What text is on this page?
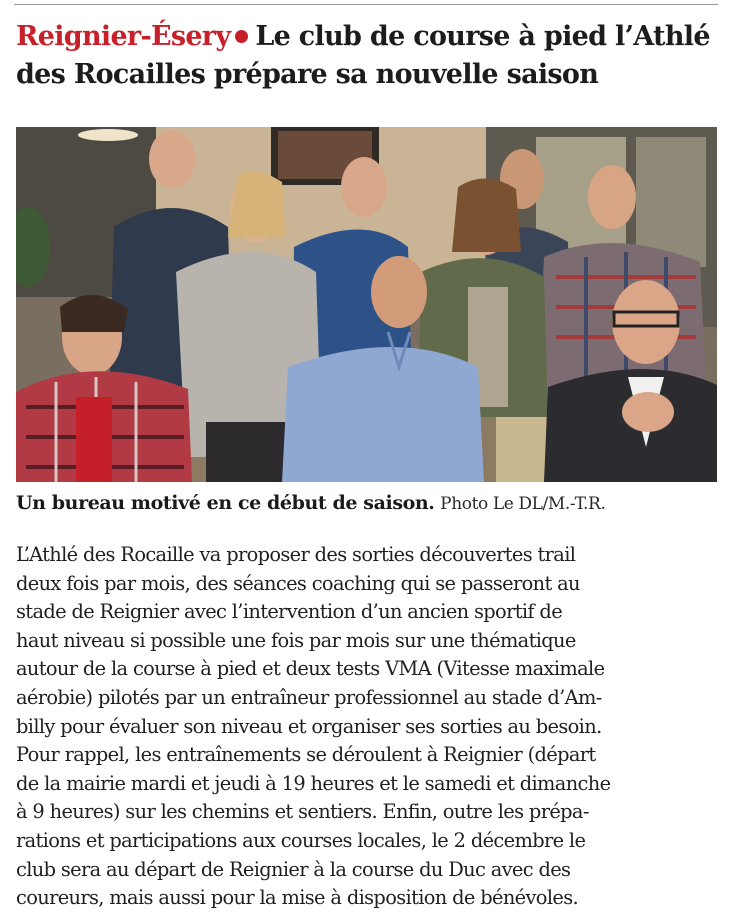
Reignier-Ésery Le club de course à pied l’Athlé
des Rocailles prépare sa nouvelle saison

Un bureau motivé en ce début de saison. Photo Le DL/M.-T.R.

L’Athlé des Rocaille va proposer des sorties découvertes trail
deux fois par mois, des séances coaching qui se passeront au
stade de Reignier avec l’intervention d’un ancien sportif de
haut niveau si possible une fois par mois sur une thématique
autour de la course à pied et deux tests VMA (Vitesse maximale
aérobie) pilotés par un entraîneur professionnel au stade d’Am-
billy pour évaluer son niveau et organiser ses sorties au besoin.
Pour rappel, les entraînements se déroulent à Reignier (départ
de la mairie mardi et jeudi à 19 heures et le samedi et dimanche
à 9 heures) sur les chemins et sentiers. Enfin, outre les prépa-
rations et participations aux courses locales, le 2 décembre le
club sera au départ de Reignier à la course du Duc avec des
coureurs, mais aussi pour la mise à disposition de bénévoles.
